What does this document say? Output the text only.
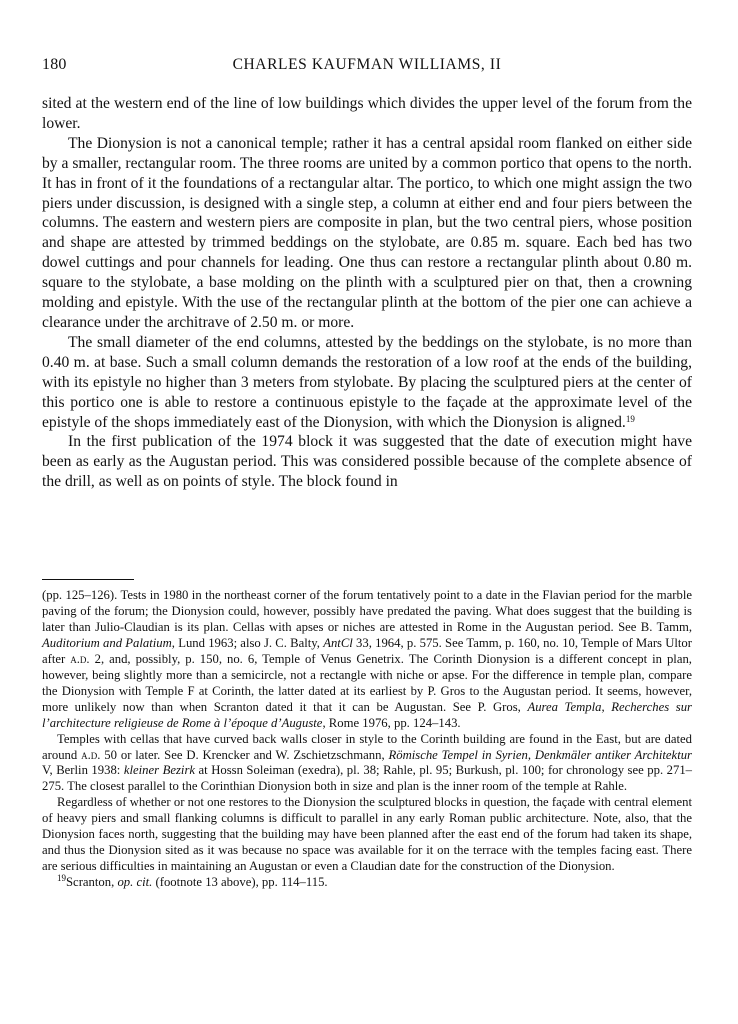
180	CHARLES KAUFMAN WILLIAMS, II

sited at the western end of the line of low buildings which divides the upper level of the forum from the lower.

The Dionysion is not a canonical temple; rather it has a central apsidal room flanked on either side by a smaller, rectangular room. The three rooms are united by a common portico that opens to the north. It has in front of it the foundations of a rectangular altar. The portico, to which one might assign the two piers under discussion, is designed with a single step, a column at either end and four piers between the columns. The eastern and western piers are composite in plan, but the two central piers, whose position and shape are attested by trimmed beddings on the stylobate, are 0.85 m. square. Each bed has two dowel cuttings and pour channels for leading. One thus can restore a rectangular plinth about 0.80 m. square to the stylobate, a base molding on the plinth with a sculptured pier on that, then a crowning molding and epistyle. With the use of the rectangular plinth at the bottom of the pier one can achieve a clearance under the architrave of 2.50 m. or more.

The small diameter of the end columns, attested by the beddings on the stylobate, is no more than 0.40 m. at base. Such a small column demands the restoration of a low roof at the ends of the building, with its epistyle no higher than 3 meters from stylobate. By placing the sculptured piers at the center of this portico one is able to restore a continuous epistyle to the façade at the approximate level of the epistyle of the shops immediately east of the Dionysion, with which the Dionysion is aligned.$^{19}$

In the first publication of the 1974 block it was suggested that the date of execution might have been as early as the Augustan period. This was considered possible because of the complete absence of the drill, as well as on points of style. The block found in

(pp. 125–126). Tests in 1980 in the northeast corner of the forum tentatively point to a date in the Flavian period for the marble paving of the forum; the Dionysion could, however, possibly have predated the paving. What does suggest that the building is later than Julio-Claudian is its plan. Cellas with apses or niches are attested in Rome in the Augustan period. See B. Tamm, Auditorium and Palatium, Lund 1963; also J. C. Balty, AntCl 33, 1964, p. 575. See Tamm, p. 160, no. 10, Temple of Mars Ultor after a.d. 2, and, possibly, p. 150, no. 6, Temple of Venus Genetrix. The Corinth Dionysion is a different concept in plan, however, being slightly more than a semicircle, not a rectangle with niche or apse. For the difference in temple plan, compare the Dionysion with Temple F at Corinth, the latter dated at its earliest by P. Gros to the Augustan period. It seems, however, more unlikely now than when Scranton dated it that it can be Augustan. See P. Gros, Aurea Templa, Recherches sur l’architecture religieuse de Rome à l’époque d’Auguste, Rome 1976, pp. 124–143.

Temples with cellas that have curved back walls closer in style to the Corinth building are found in the East, but are dated around a.d. 50 or later. See D. Krencker and W. Zschietzschmann, Römische Tempel in Syrien, Denkmäler antiker Architektur V, Berlin 1938: kleiner Bezirk at Hossn Soleiman (exedra), pl. 38; Rahle, pl. 95; Burkush, pl. 100; for chronology see pp. 271–275. The closest parallel to the Corinthian Dionysion both in size and plan is the inner room of the temple at Rahle.

Regardless of whether or not one restores to the Dionysion the sculptured blocks in question, the façade with central element of heavy piers and small flanking columns is difficult to parallel in any early Roman public architecture. Note, also, that the Dionysion faces north, suggesting that the building may have been planned after the east end of the forum had taken its shape, and thus the Dionysion sited as it was because no space was available for it on the terrace with the temples facing east. There are serious difficulties in maintaining an Augustan or even a Claudian date for the construction of the Dionysion.

$^{19}$Scranton, op. cit. (footnote 13 above), pp. 114–115.
